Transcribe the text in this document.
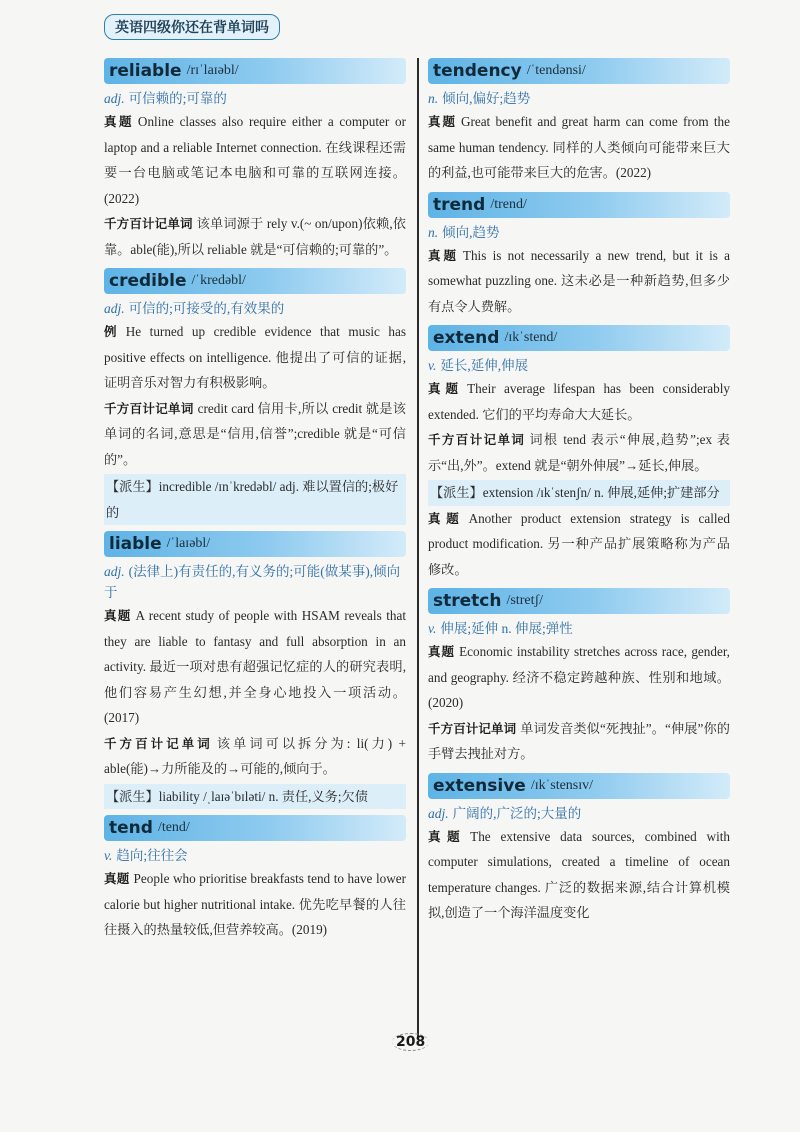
英语四级你还在背单词吗
reliable /rɪˈlaɪəbl/
adj. 可信赖的;可靠的

真题 Online classes also require either a computer or laptop and a reliable Internet connection. 在线课程还需要一台电脑或笔记本电脑和可靠的互联网连接。(2022)

千方百计记单词 该单词源于 rely v.(~ on/upon)依赖,依靠。able(能),所以 reliable 就是“可信赖的;可靠的”。

credible /ˈkredəbl/
adj. 可信的;可接受的,有效果的

例 He turned up credible evidence that music has positive effects on intelligence. 他提出了可信的证据,证明音乐对智力有积极影响。

千方百计记单词 credit card 信用卡,所以 credit 就是该单词的名词,意思是“信用,信誉”;credible 就是“可信的”。

【派生】incredible /ɪnˈkredəbl/ adj. 难以置信的;极好的

liable /ˈlaɪəbl/
adj. (法律上)有责任的,有义务的;可能(做某事),倾向于

真题 A recent study of people with HSAM reveals that they are liable to fantasy and full absorption in an activity. 最近一项对患有超强记忆症的人的研究表明,他们容易产生幻想,并全身心地投入一项活动。(2017)

千方百计记单词 该单词可以拆分为: li(力) + able(能)→力所能及的→可能的,倾向于。

【派生】liability /ˌlaɪəˈbɪləti/ n. 责任,义务;欠债

tend /tend/
v. 趋向;往往会

真题 People who prioritise breakfasts tend to have lower calorie but higher nutritional intake. 优先吃早餐的人往往摄入的热量较低,但营养较高。(2019)

tendency /ˈtendənsi/
n. 倾向,偏好;趋势

真题 Great benefit and great harm can come from the same human tendency. 同样的人类倾向可能带来巨大的利益,也可能带来巨大的危害。(2022)

trend /trend/
n. 倾向,趋势

真题 This is not necessarily a new trend, but it is a somewhat puzzling one. 这未必是一种新趋势,但多少有点令人费解。

extend /ɪkˈstend/
v. 延长,延伸,伸展

真题 Their average lifespan has been considerably extended. 它们的平均寿命大大延长。

千方百计记单词 词根 tend 表示“伸展,趋势”;ex 表示“出,外”。extend 就是“朝外伸展”→延长,伸展。

【派生】extension /ɪkˈstenʃn/ n. 伸展,延伸;扩建部分

真题 Another product extension strategy is called product modification. 另一种产品扩展策略称为产品修改。

stretch /stretʃ/
v. 伸展;延伸 n. 伸展;弹性

真题 Economic instability stretches across race, gender, and geography. 经济不稳定跨越种族、性别和地域。(2020)

千方百计记单词 单词发音类似“死拽扯”。“伸展”你的手臂去拽扯对方。

extensive /ɪkˈstensɪv/
adj. 广阔的,广泛的;大量的

真题 The extensive data sources, combined with computer simulations, created a timeline of ocean temperature changes. 广泛的数据来源,结合计算机模拟,创造了一个海洋温度变化

208
